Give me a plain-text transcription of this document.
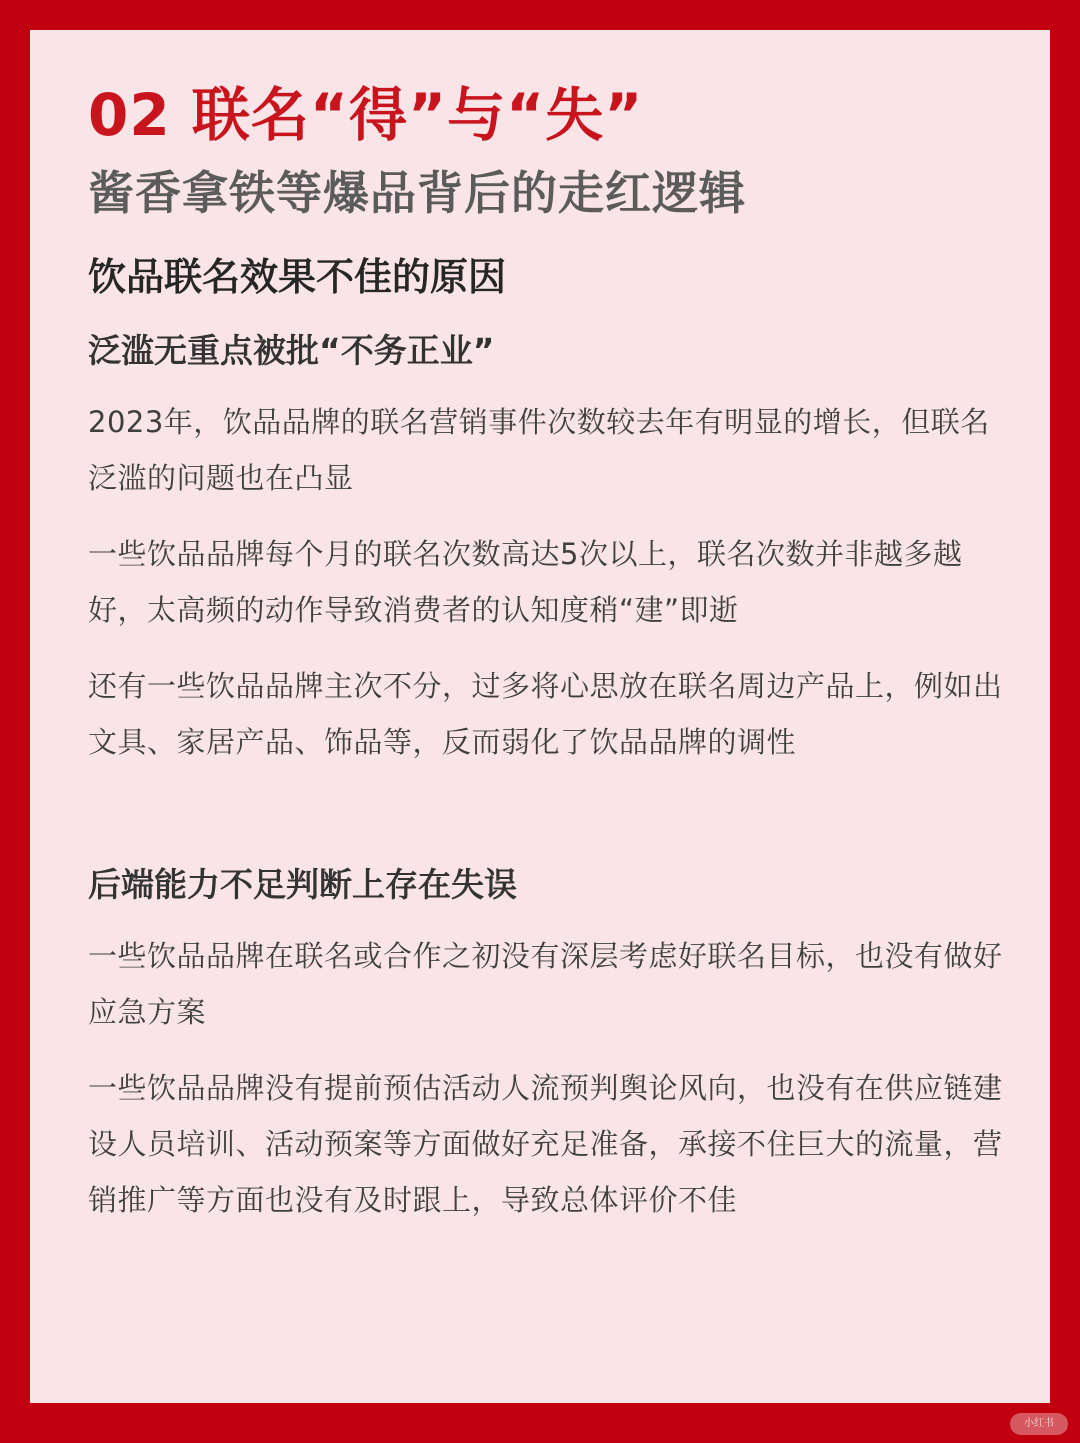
02 联名“得”与“失”
酱香拿铁等爆品背后的走红逻辑
饮品联名效果不佳的原因
泛滥无重点被批“不务正业”

2023年，饮品品牌的联名营销事件次数较去年有明显的增长，但联名泛滥的问题也在凸显

一些饮品品牌每个月的联名次数高达5次以上，联名次数并非越多越好，太高频的动作导致消费者的认知度稍“建”即逝

还有一些饮品品牌主次不分，过多将心思放在联名周边产品上，例如出文具、家居产品、饰品等，反而弱化了饮品品牌的调性

后端能力不足判断上存在失误

一些饮品品牌在联名或合作之初没有深层考虑好联名目标，也没有做好应急方案

一些饮品品牌没有提前预估活动人流预判舆论风向，也没有在供应链建设人员培训、活动预案等方面做好充足准备，承接不住巨大的流量，营销推广等方面也没有及时跟上，导致总体评价不佳

小红书
